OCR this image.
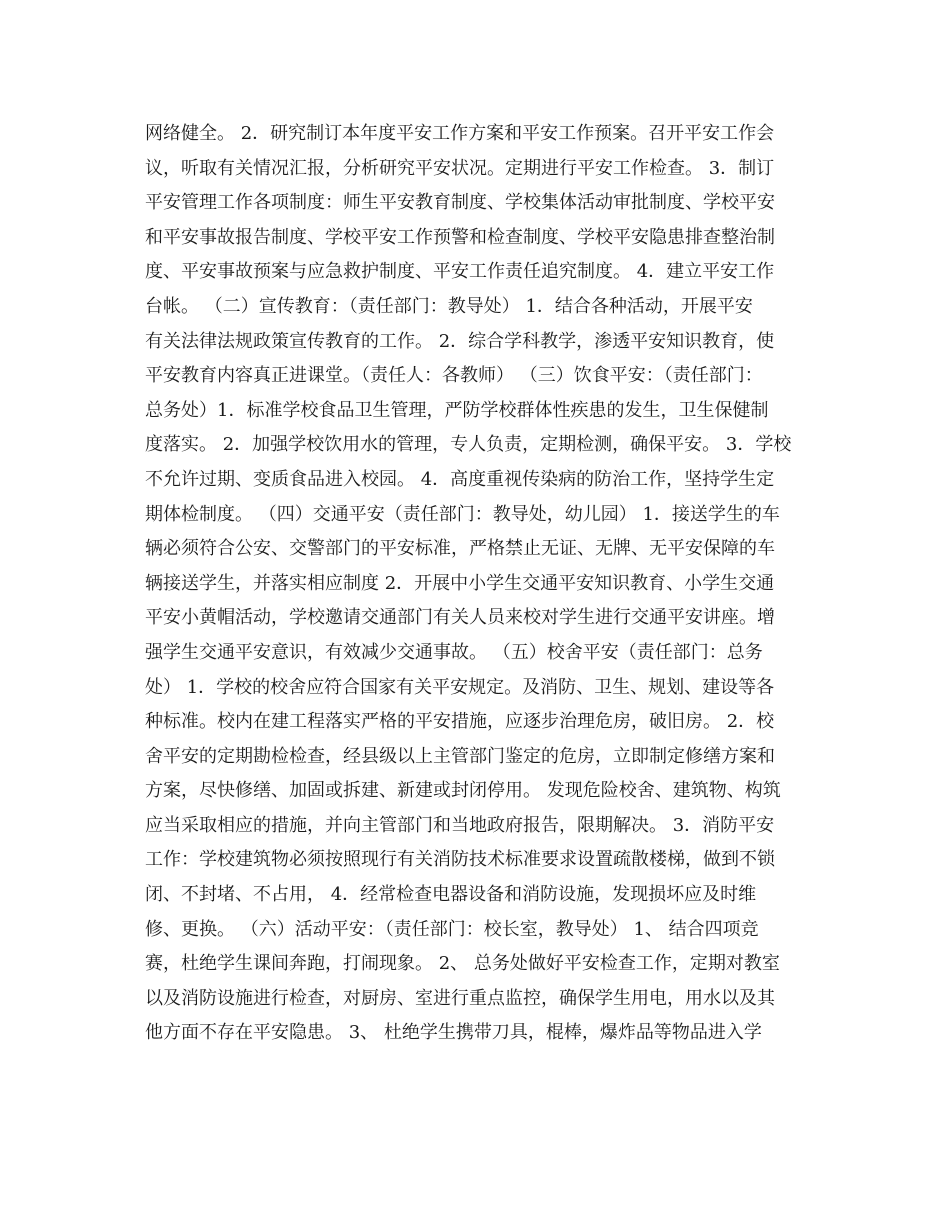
网络健全。 2．研究制订本年度平安工作方案和平安工作预案。召开平安工作会
议，听取有关情况汇报，分析研究平安状况。定期进行平安工作检查。 3．制订
平安管理工作各项制度：师生平安教育制度、学校集体活动审批制度、学校平安
和平安事故报告制度、学校平安工作预警和检查制度、学校平安隐患排查整治制
度、平安事故预案与应急救护制度、平安工作责任追究制度。 4．建立平安工作
台帐。 （二）宣传教育：（责任部门：教导处） 1．结合各种活动，开展平安
有关法律法规政策宣传教育的工作。 2．综合学科教学，渗透平安知识教育，使
平安教育内容真正进课堂。（责任人：各教师） （三）饮食平安：（责任部门：
总务处）1．标准学校食品卫生管理，严防学校群体性疾患的发生，卫生保健制
度落实。 2．加强学校饮用水的管理，专人负责，定期检测，确保平安。 3．学校
不允许过期、变质食品进入校园。 4．高度重视传染病的防治工作，坚持学生定
期体检制度。 （四）交通平安（责任部门：教导处，幼儿园） 1．接送学生的车
辆必须符合公安、交警部门的平安标准，严格禁止无证、无牌、无平安保障的车
辆接送学生，并落实相应制度 2．开展中小学生交通平安知识教育、小学生交通
平安小黄帽活动，学校邀请交通部门有关人员来校对学生进行交通平安讲座。增
强学生交通平安意识，有效减少交通事故。 （五）校舍平安（责任部门：总务
处） 1．学校的校舍应符合国家有关平安规定。及消防、卫生、规划、建设等各
种标准。校内在建工程落实严格的平安措施，应逐步治理危房，破旧房。 2．校
舍平安的定期勘检检查，经县级以上主管部门鉴定的危房，立即制定修缮方案和
方案，尽快修缮、加固或拆建、新建或封闭停用。 发现危险校舍、建筑物、构筑
应当采取相应的措施，并向主管部门和当地政府报告，限期解决。 3．消防平安
工作：学校建筑物必须按照现行有关消防技术标准要求设置疏散楼梯，做到不锁
闭、不封堵、不占用， 4．经常检查电器设备和消防设施，发现损坏应及时维
修、更换。 （六）活动平安：（责任部门：校长室，教导处） 1、 结合四项竞
赛，杜绝学生课间奔跑，打闹现象。 2、 总务处做好平安检查工作，定期对教室
以及消防设施进行检查，对厨房、室进行重点监控，确保学生用电，用水以及其
他方面不存在平安隐患。 3、 杜绝学生携带刀具，棍棒，爆炸品等物品进入学
